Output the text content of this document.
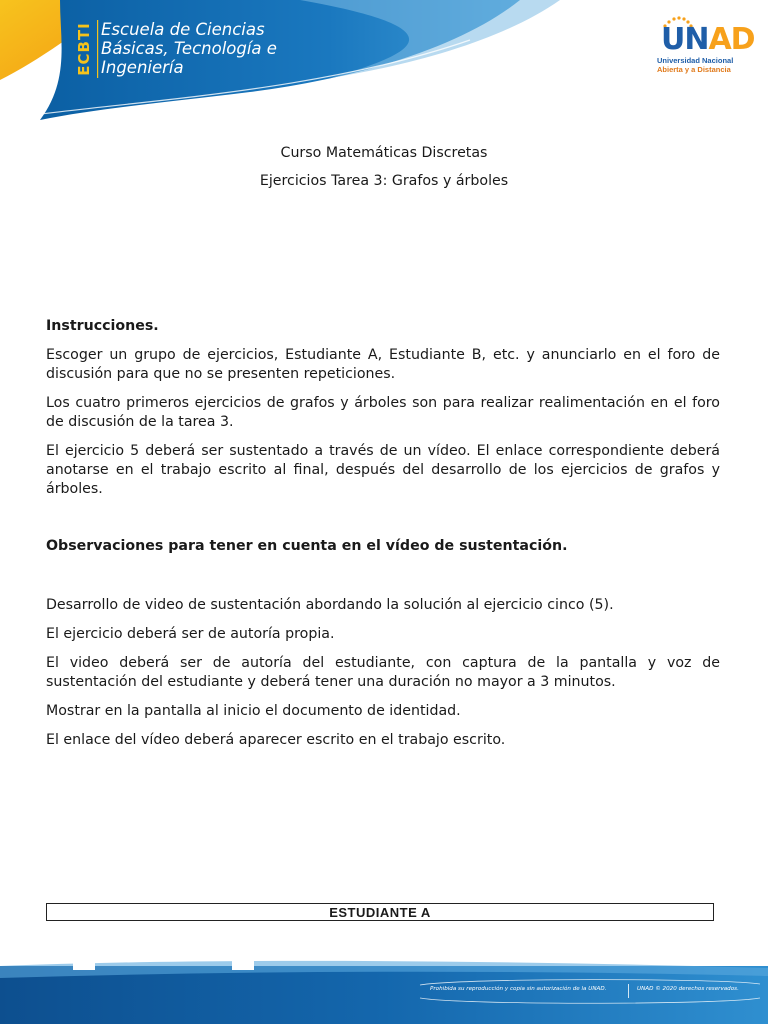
ECBTI Escuela de Ciencias
Básicas, Tecnología e
Ingeniería
UNAD
Universidad Nacional
Abierta y a Distancia
Curso Matemáticas Discretas
Ejercicios Tarea 3: Grafos y árboles
Instrucciones.
Escoger un grupo de ejercicios, Estudiante A, Estudiante B, etc. y anunciarlo en el foro de discusión para que no se presenten repeticiones.
Los cuatro primeros ejercicios de grafos y árboles son para realizar realimentación en el foro de discusión de la tarea 3.
El ejercicio 5 deberá ser sustentado a través de un vídeo. El enlace correspondiente deberá anotarse en el trabajo escrito al final, después del desarrollo de los ejercicios de grafos y árboles.
Observaciones para tener en cuenta en el vídeo de sustentación.
Desarrollo de video de sustentación abordando la solución al ejercicio cinco (5).
El ejercicio deberá ser de autoría propia.
El video deberá ser de autoría del estudiante, con captura de la pantalla y voz de sustentación del estudiante y deberá tener una duración no mayor a 3 minutos.
Mostrar en la pantalla al inicio el documento de identidad.
El enlace del vídeo deberá aparecer escrito en el trabajo escrito.
ESTUDIANTE A
Prohibida su reproducción y copia sin autorización de la UNAD.	UNAD © 2020 derechos reservados.
